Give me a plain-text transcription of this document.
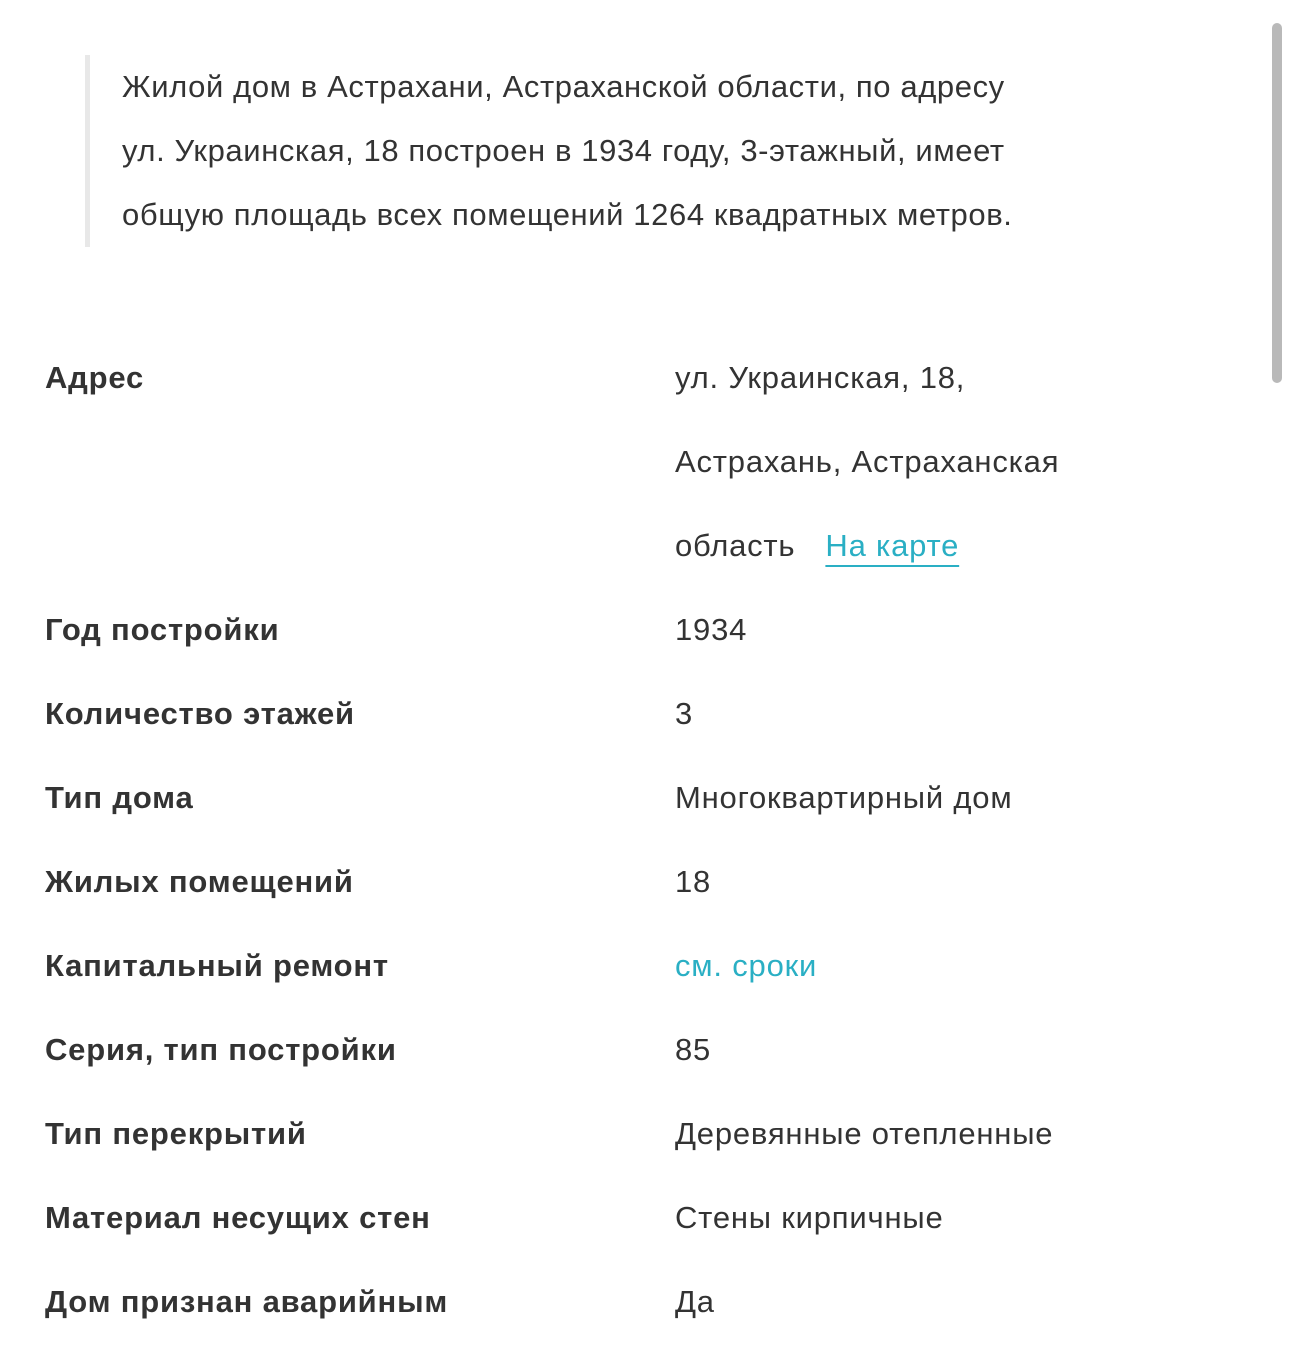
Жилой дом в Астрахани, Астраханской области, по адресу
ул. Украинская, 18 построен в 1934 году, 3-этажный, имеет
общую площадь всех помещений 1264 квадратных метров.
Адрес	ул. Украинская, 18,
Астрахань, Астраханская
область На карте
Год постройки	1934
Количество этажей	3
Тип дома	Многоквартирный дом
Жилых помещений	18
Капитальный ремонт	см. сроки
Серия, тип постройки	85
Тип перекрытий	Деревянные отепленные
Материал несущих стен	Стены кирпичные
Дом признан аварийным	Да
